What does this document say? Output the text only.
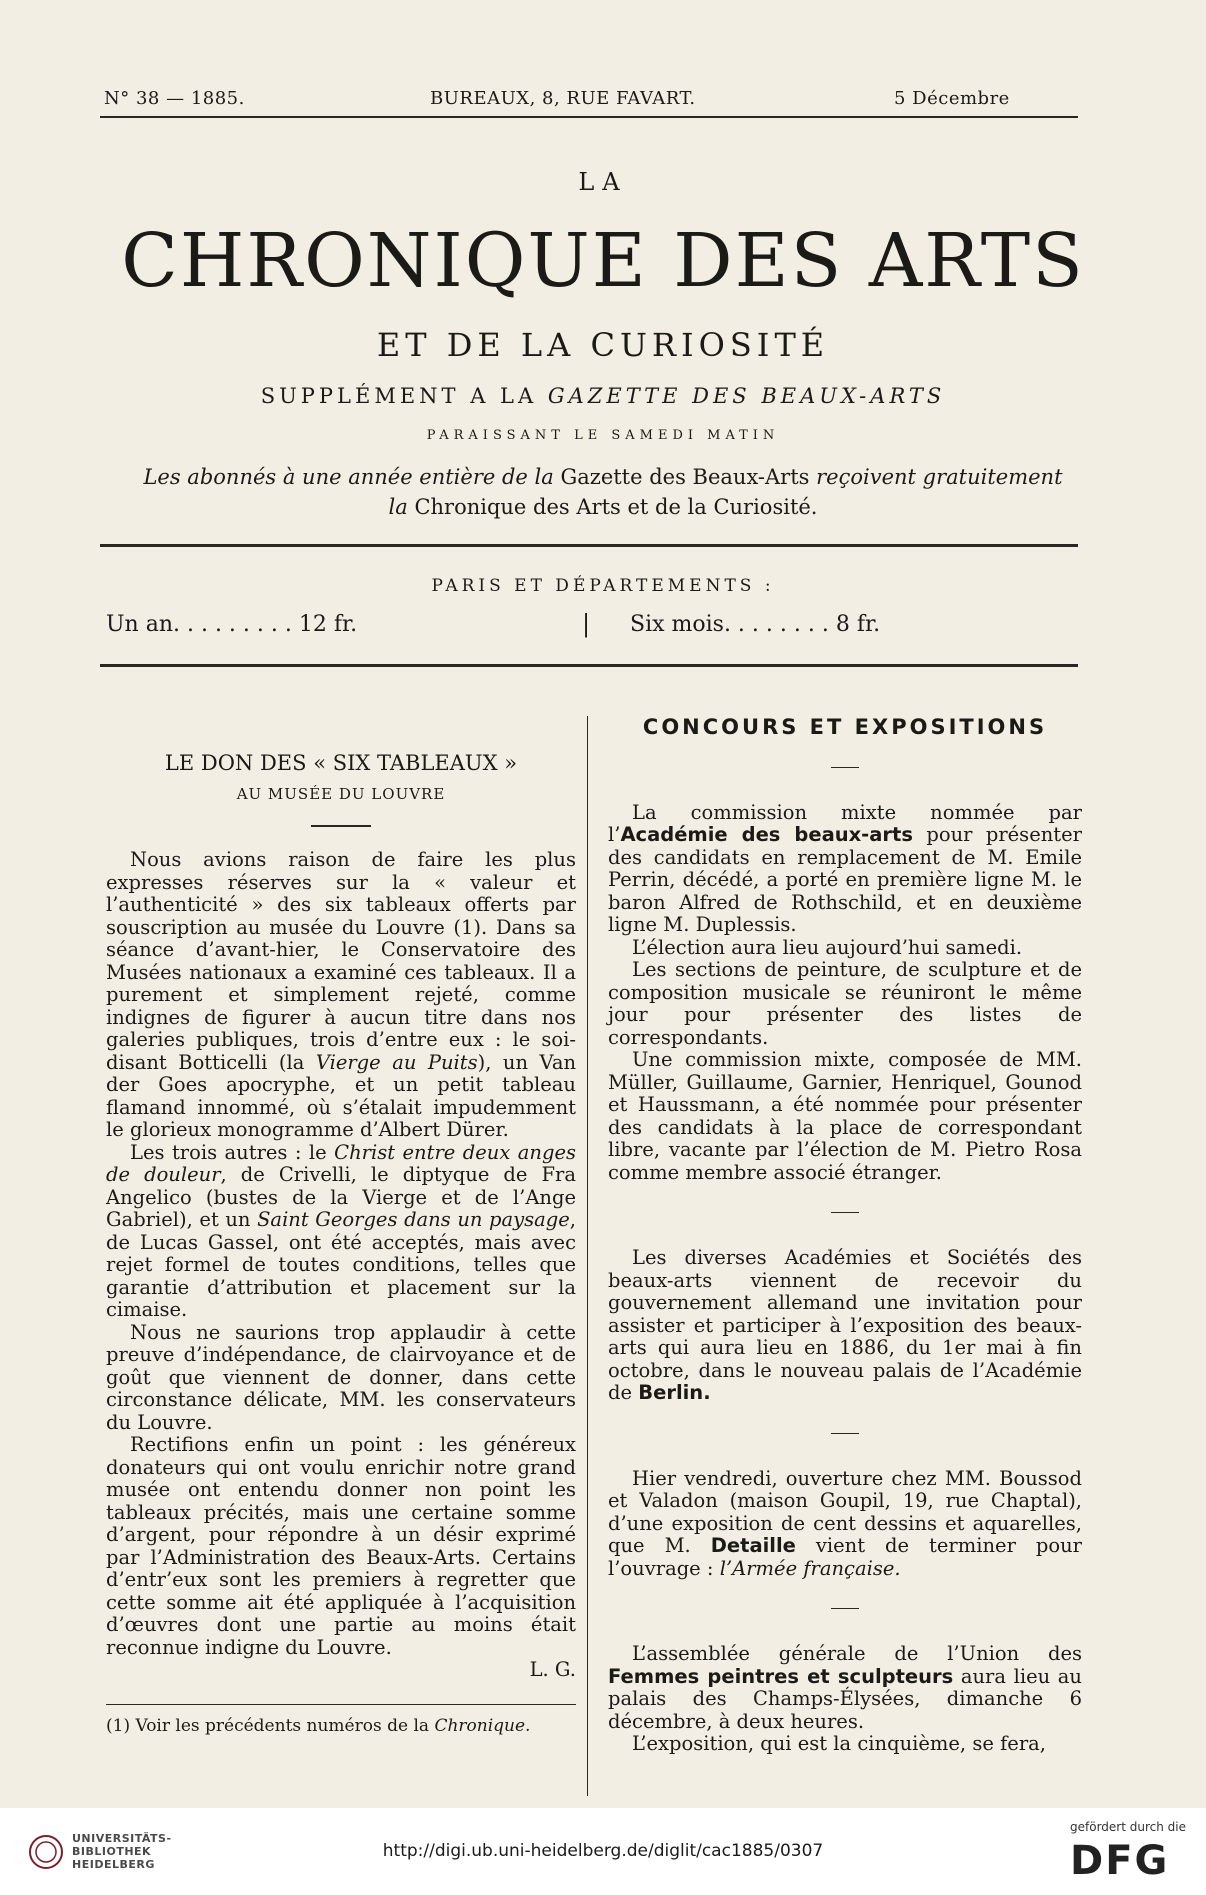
N° 38 — 1885.	BUREAUX, 8, RUE FAVART.	5 Décembre
LA
CHRONIQUE DES ARTS
ET DE LA CURIOSITÉ
SUPPLÉMENT A LA GAZETTE DES BEAUX-ARTS
PARAISSANT LE SAMEDI MATIN
Les abonnés à une année entière de la Gazette des Beaux-Arts reçoivent gratuitement
la Chronique des Arts et de la Curiosité.
PARIS ET DÉPARTEMENTS :
Un an. . . . . . . . . 12 fr.	| Six mois. . . . . . . . 8 fr.
LE DON DES « SIX TABLEAUX »
AU MUSÉE DU LOUVRE

Nous avions raison de faire les plus expresses réserves sur la « valeur et l’authenticité » des six tableaux offerts par souscription au musée du Louvre (1). Dans sa séance d’avant-hier, le Conservatoire des Musées nationaux a examiné ces tableaux. Il a purement et simplement rejeté, comme indignes de figurer à aucun titre dans nos galeries publiques, trois d’entre eux : le soi-disant Botticelli (la Vierge au Puits), un Van der Goes apocryphe, et un petit tableau flamand innommé, où s’étalait impudemment le glorieux monogramme d’Albert Dürer.

Les trois autres : le Christ entre deux anges de douleur, de Crivelli, le diptyque de Fra Angelico (bustes de la Vierge et de l’Ange Gabriel), et un Saint Georges dans un paysage, de Lucas Gassel, ont été acceptés, mais avec rejet formel de toutes conditions, telles que garantie d’attribution et placement sur la cimaise.

Nous ne saurions trop applaudir à cette preuve d’indépendance, de clairvoyance et de goût que viennent de donner, dans cette circonstance délicate, MM. les conservateurs du Louvre.

Rectifions enfin un point : les généreux donateurs qui ont voulu enrichir notre grand musée ont entendu donner non point les tableaux précités, mais une certaine somme d’argent, pour répondre à un désir exprimé par l’Administration des Beaux-Arts. Certains d’entr’eux sont les premiers à regretter que cette somme ait été appliquée à l’acquisition d’œuvres dont une partie au moins était reconnue indigne du Louvre.

L. G.

(1) Voir les précédents numéros de la Chronique.

CONCOURS ET EXPOSITIONS

La commission mixte nommée par l’Académie des beaux-arts pour présenter des candidats en remplacement de M. Emile Perrin, décédé, a porté en première ligne M. le baron Alfred de Rothschild, et en deuxième ligne M. Duplessis.

L’élection aura lieu aujourd’hui samedi.

Les sections de peinture, de sculpture et de composition musicale se réuniront le même jour pour présenter des listes de correspondants.

Une commission mixte, composée de MM. Müller, Guillaume, Garnier, Henriquel, Gounod et Haussmann, a été nommée pour présenter des candidats à la place de correspondant libre, vacante par l’élection de M. Pietro Rosa comme membre associé étranger.

Les diverses Académies et Sociétés des beaux-arts viennent de recevoir du gouvernement allemand une invitation pour assister et participer à l’exposition des beaux-arts qui aura lieu en 1886, du 1er mai à fin octobre, dans le nouveau palais de l’Académie de Berlin.

Hier vendredi, ouverture chez MM. Boussod et Valadon (maison Goupil, 19, rue Chaptal), d’une exposition de cent dessins et aquarelles, que M. Detaille vient de terminer pour l’ouvrage : l’Armée française.

L’assemblée générale de l’Union des Femmes peintres et sculpteurs aura lieu au palais des Champs-Élysées, dimanche 6 décembre, à deux heures.

L’exposition, qui est la cinquième, se fera,

UNIVERSITÄTS-
BIBLIOTHEK
HEIDELBERG
http://digi.ub.uni-heidelberg.de/diglit/cac1885/0307
gefördert durch die
DFG
